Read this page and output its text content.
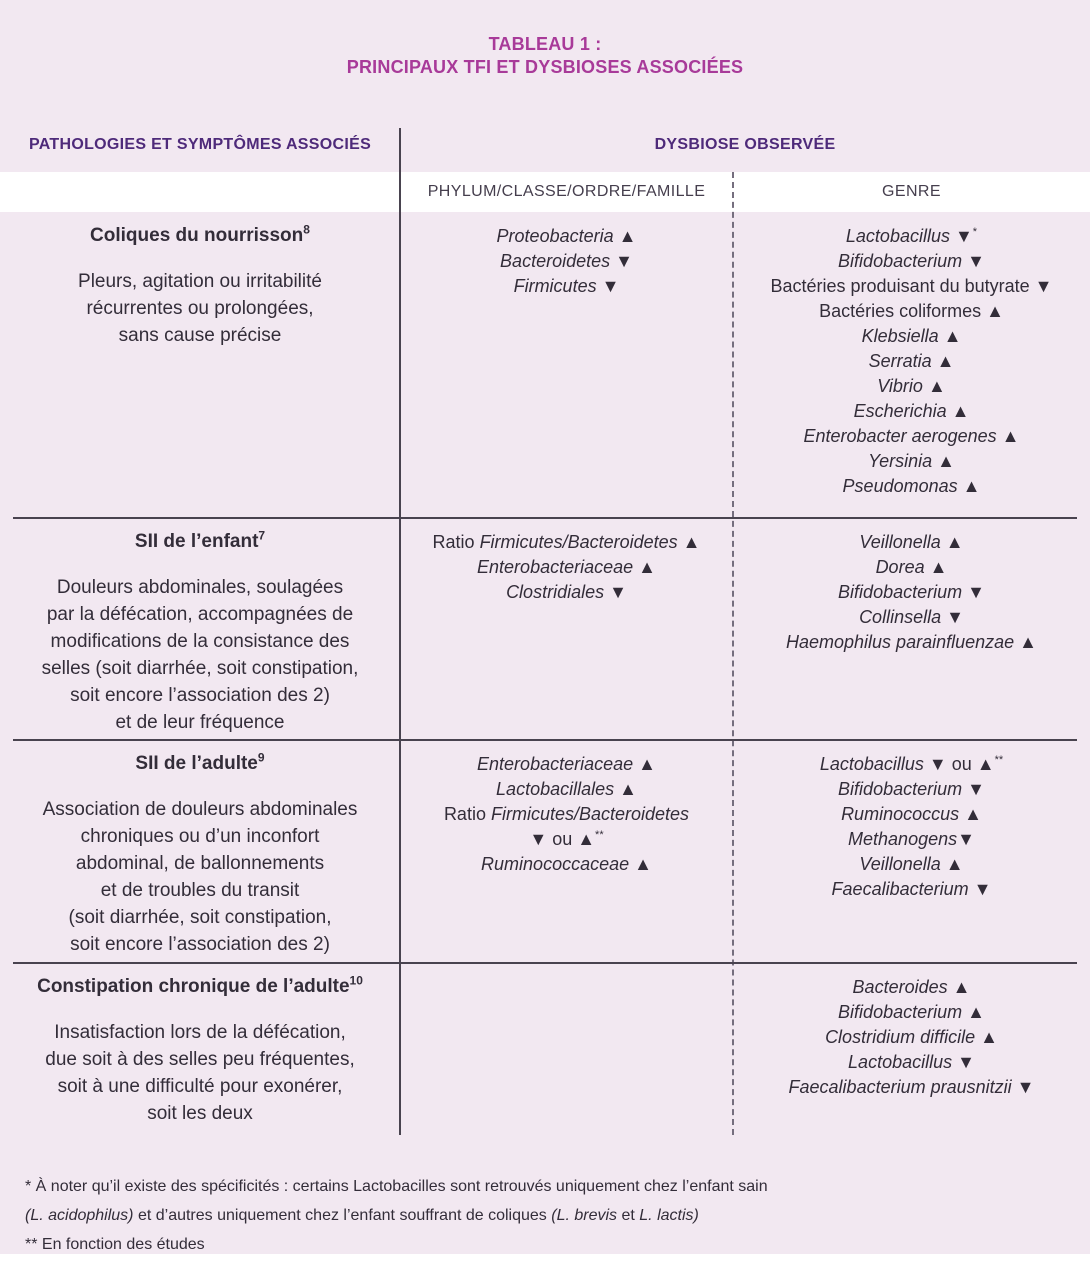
TABLEAU 1 :
PRINCIPAUX TFI ET DYSBIOSES ASSOCIÉES
PATHOLOGIES ET SYMPTÔMES ASSOCIÉS	DYSBIOSE OBSERVÉE
PHYLUM/CLASSE/ORDRE/FAMILLE	GENRE
Coliques du nourrisson$^8$
Pleurs, agitation ou irritabilité
récurrentes ou prolongées,
sans cause précise
Proteobacteria ▲
Bacteroidetes ▼
Firmicutes ▼
Lactobacillus ▼*
Bifidobacterium ▼
Bactéries produisant du butyrate ▼
Bactéries coliformes ▲
Klebsiella ▲
Serratia ▲
Vibrio ▲
Escherichia ▲
Enterobacter aerogenes ▲
Yersinia ▲
Pseudomonas ▲
SII de l’enfant$^7$
Douleurs abdominales, soulagées
par la défécation, accompagnées de
modifications de la consistance des
selles (soit diarrhée, soit constipation,
soit encore l’association des 2)
et de leur fréquence
Ratio Firmicutes/Bacteroidetes ▲
Enterobacteriaceae ▲
Clostridiales ▼
Veillonella ▲
Dorea ▲
Bifidobacterium ▼
Collinsella ▼
Haemophilus parainfluenzae ▲
SII de l’adulte$^9$
Association de douleurs abdominales
chroniques ou d’un inconfort
abdominal, de ballonnements
et de troubles du transit
(soit diarrhée, soit constipation,
soit encore l’association des 2)
Enterobacteriaceae ▲
Lactobacillales ▲
Ratio Firmicutes/Bacteroidetes
▼ ou ▲**
Ruminococcaceae ▲
Lactobacillus ▼ ou ▲**
Bifidobacterium ▼
Ruminococcus ▲
Methanogens▼
Veillonella ▲
Faecalibacterium ▼
Constipation chronique de l’adulte$^{10}$
Insatisfaction lors de la défécation,
due soit à des selles peu fréquentes,
soit à une difficulté pour exonérer,
soit les deux
Bacteroides ▲
Bifidobacterium ▲
Clostridium difficile ▲
Lactobacillus ▼
Faecalibacterium prausnitzii ▼
* À noter qu’il existe des spécificités : certains Lactobacilles sont retrouvés uniquement chez l’enfant sain
(L. acidophilus) et d’autres uniquement chez l’enfant souffrant de coliques (L. brevis et L. lactis)
** En fonction des études
